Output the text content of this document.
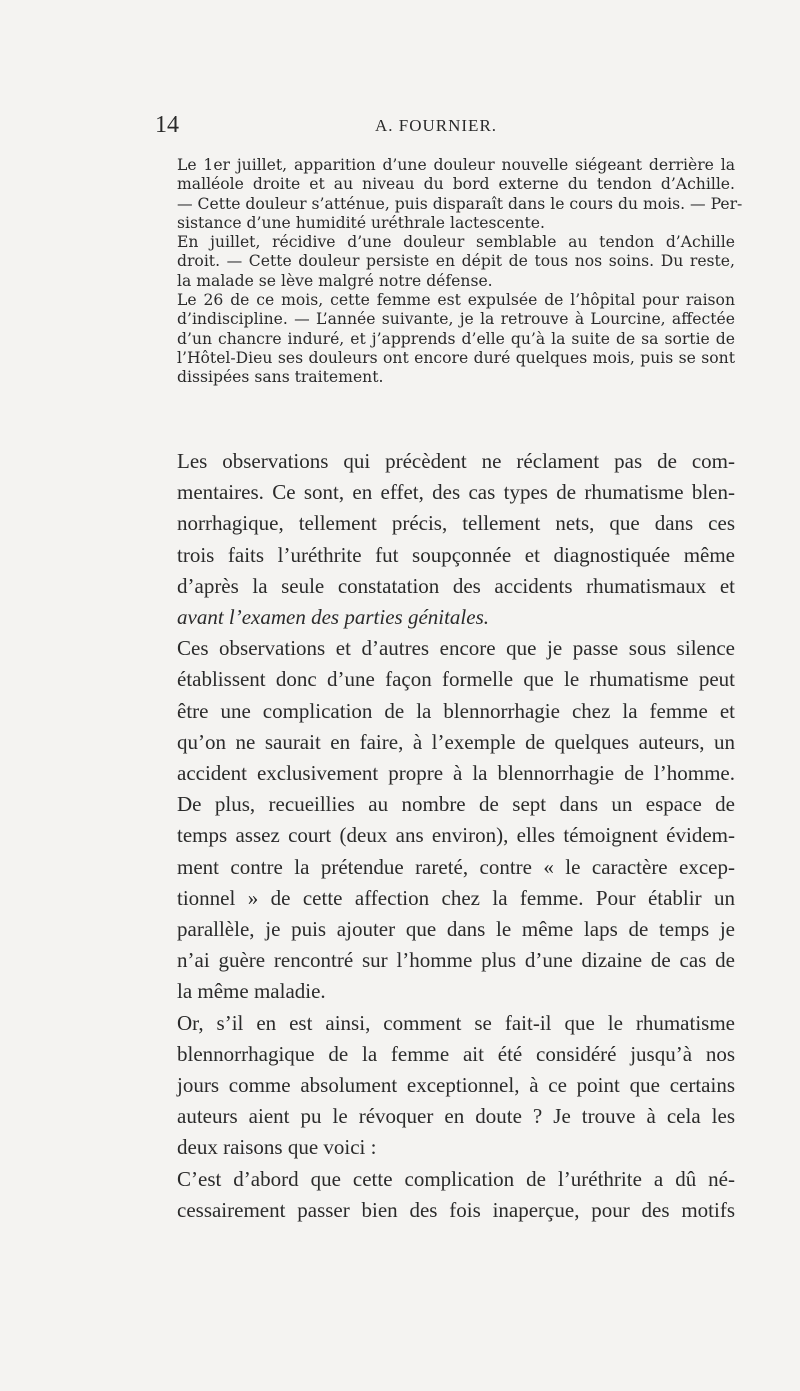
14	A. FOURNIER.

Le 1er juillet, apparition d’une douleur nouvelle siégeant derrière la
malléole droite et au niveau du bord externe du tendon d’Achille.
— Cette douleur s’atténue, puis disparaît dans le cours du mois. — Per-
sistance d’une humidité uréthrale lactescente.

En juillet, récidive d’une douleur semblable au tendon d’Achille
droit. — Cette douleur persiste en dépit de tous nos soins. Du reste,
la malade se lève malgré notre défense.

Le 26 de ce mois, cette femme est expulsée de l’hôpital pour raison
d’indiscipline. — L’année suivante, je la retrouve à Lourcine, affectée
d’un chancre induré, et j’apprends d’elle qu’à la suite de sa sortie de
l’Hôtel-Dieu ses douleurs ont encore duré quelques mois, puis se sont
dissipées sans traitement.

Les observations qui précèdent ne réclament pas de com-
mentaires. Ce sont, en effet, des cas types de rhumatisme blen-
norrhagique, tellement précis, tellement nets, que dans ces
trois faits l’uréthrite fut soupçonnée et diagnostiquée même
d’après la seule constatation des accidents rhumatismaux et
avant l’examen des parties génitales.

Ces observations et d’autres encore que je passe sous silence
établissent donc d’une façon formelle que le rhumatisme peut
être une complication de la blennorrhagie chez la femme et
qu’on ne saurait en faire, à l’exemple de quelques auteurs, un
accident exclusivement propre à la blennorrhagie de l’homme.
De plus, recueillies au nombre de sept dans un espace de
temps assez court (deux ans environ), elles témoignent évidem-
ment contre la prétendue rareté, contre « le caractère excep-
tionnel » de cette affection chez la femme. Pour établir un
parallèle, je puis ajouter que dans le même laps de temps je
n’ai guère rencontré sur l’homme plus d’une dizaine de cas de
la même maladie.

Or, s’il en est ainsi, comment se fait-il que le rhumatisme
blennorrhagique de la femme ait été considéré jusqu’à nos
jours comme absolument exceptionnel, à ce point que certains
auteurs aient pu le révoquer en doute ? Je trouve à cela les
deux raisons que voici :

C’est d’abord que cette complication de l’uréthrite a dû né-
cessairement passer bien des fois inaperçue, pour des motifs
